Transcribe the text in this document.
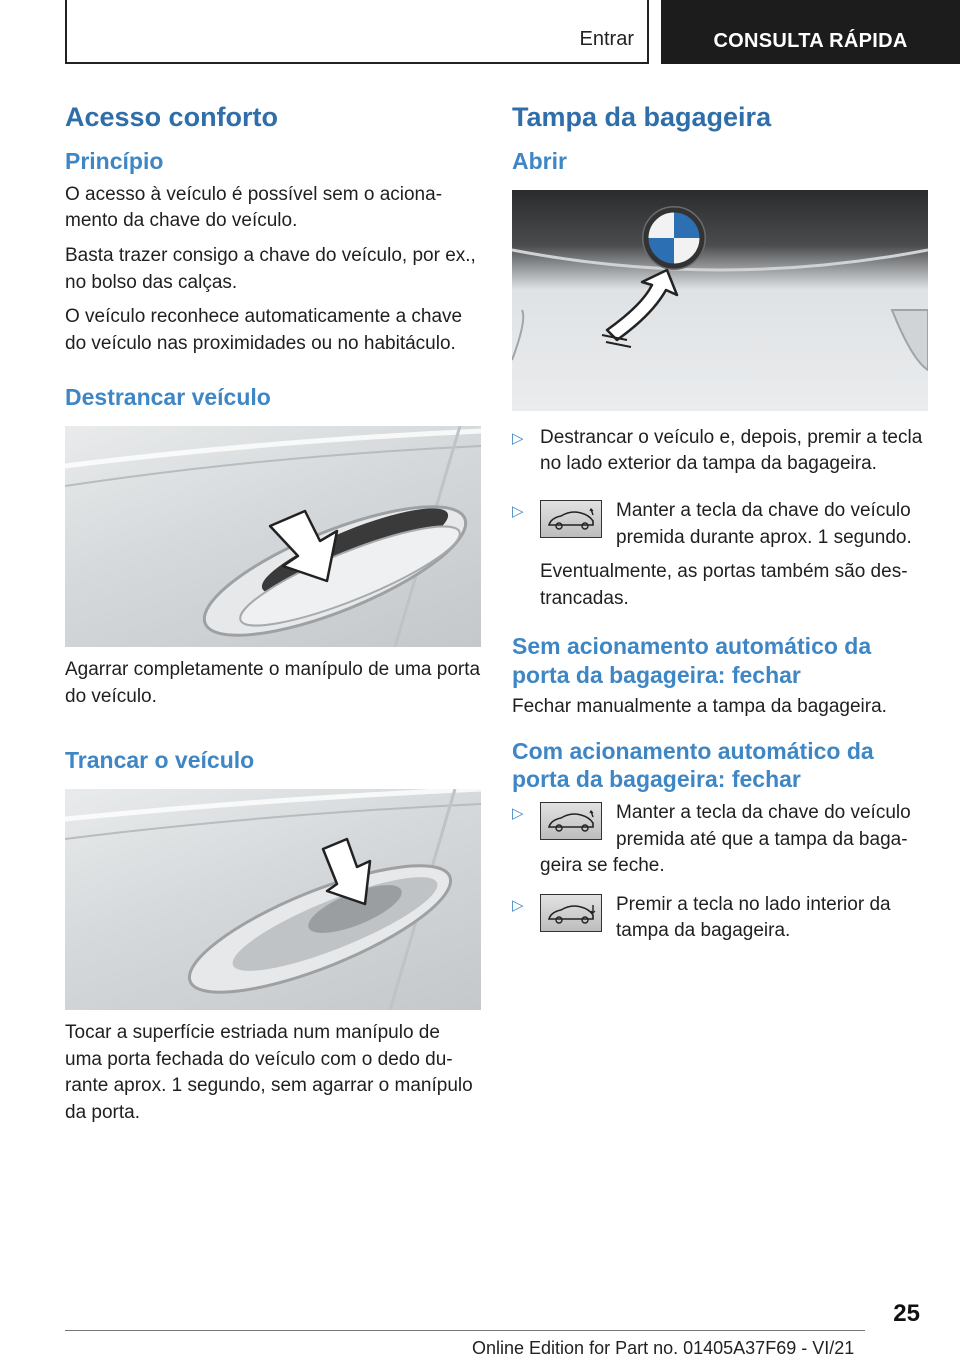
Entrar	CONSULTA RÁPIDA
Acesso conforto
Princípio

O acesso à veículo é possível sem o aciona- mento da chave do veículo.

Basta trazer consigo a chave do veículo, por ex., no bolso das calças.

O veículo reconhece automaticamente a chave do veículo nas proximidades ou no habitáculo.

Destrancar veículo

Agarrar completamente o manípulo de uma porta do veículo.

Trancar o veículo

Tocar a superfície estriada num manípulo de uma porta fechada do veículo com o dedo du- rante aprox. 1 segundo, sem agarrar o manípulo da porta.

Tampa da bagageira
Abrir
▷ Destrancar o veículo e, depois, premir a tecla no lado exterior da tampa da bagageira.

▷	Manter a tecla da chave do veículo premida durante aprox. 1 segundo.

Eventualmente, as portas também são des- trancadas.

Sem acionamento automático da porta da bagageira: fechar

Fechar manualmente a tampa da bagageira.

Com acionamento automático da porta da bagageira: fechar
▷	Manter a tecla da chave do veículo premida até que a tampa da baga- geira se feche.

▷	Premir a tecla no lado interior da tampa da bagageira.

25
Online Edition for Part no. 01405A37F69 - VI/21
